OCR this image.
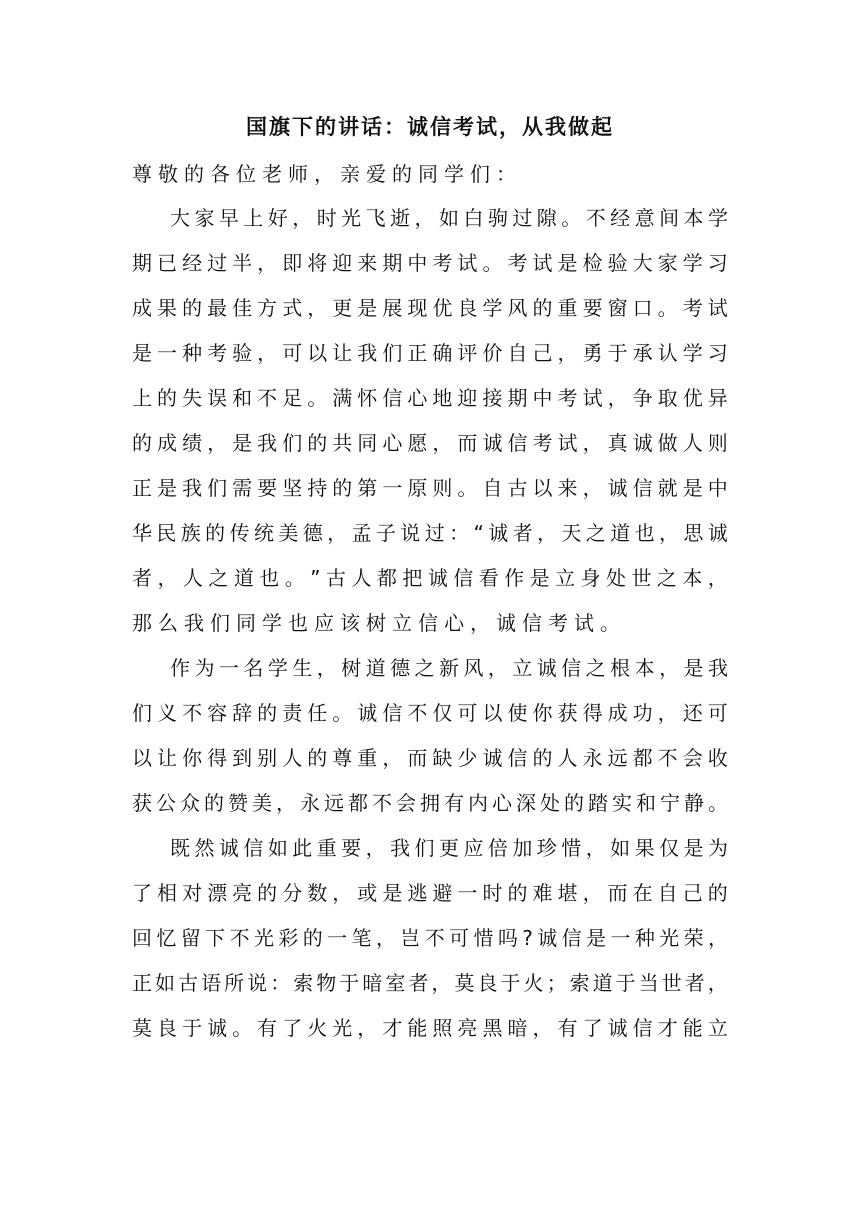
国旗下的讲话：诚信考试，从我做起
尊敬的各位老师，亲爱的同学们：
大 家 早 上 好 ， 时 光 飞 逝 ， 如 白 驹 过 隙 。 不 经 意 间 本 学
期 已 经 过 半 ， 即 将 迎 来 期 中 考 试 。 考 试 是 检 验 大 家 学 习
成 果 的 最 佳 方 式 ， 更 是 展 现 优 良 学 风 的 重 要 窗 口 。 考 试
是 一 种 考 验 ， 可 以 让 我 们 正 确 评 价 自 己 ， 勇 于 承 认 学 习
上 的 失 误 和 不 足 。 满 怀 信 心 地 迎 接 期 中 考 试 ， 争 取 优 异
的 成 绩 ， 是 我 们 的 共 同 心 愿 ， 而 诚 信 考 试 ， 真 诚 做 人 则
正 是 我 们 需 要 坚 持 的 第 一 原 则 。 自 古 以 来 ， 诚 信 就 是 中
华 民 族 的 传 统 美 德 ， 孟 子 说 过 ： “ 诚 者 ， 天 之 道 也 ， 思 诚
者 ， 人 之 道 也 。 ” 古 人 都 把 诚 信 看 作 是 立 身 处 世 之 本 ，
那么我们同学也应该树立信心，诚信考试。
作 为 一 名 学 生 ， 树 道 德 之 新 风 ， 立 诚 信 之 根 本 ， 是 我
们 义 不 容 辞 的 责 任 。 诚 信 不 仅 可 以 使 你 获 得 成 功 ， 还 可
以 让 你 得 到 别 人 的 尊 重 ， 而 缺 少 诚 信 的 人 永 远 都 不 会 收
获 公 众 的 赞 美 ， 永 远 都 不 会 拥 有 内 心 深 处 的 踏 实 和 宁 静 。
既 然 诚 信 如 此 重 要 ， 我 们 更 应 倍 加 珍 惜 ， 如 果 仅 是 为
了 相 对 漂 亮 的 分 数 ， 或 是 逃 避 一 时 的 难 堪 ， 而 在 自 己 的
回 忆 留 下 不 光 彩 的 一 笔 ， 岂 不 可 惜 吗 ? 诚 信 是 一 种 光 荣 ，
正 如 古 语 所 说 ： 索 物 于 暗 室 者 ， 莫 良 于 火 ； 索 道 于 当 世 者 ，
莫 良 于 诚 。 有 了 火 光 ， 才 能 照 亮 黑 暗 ， 有 了 诚 信 才 能 立
